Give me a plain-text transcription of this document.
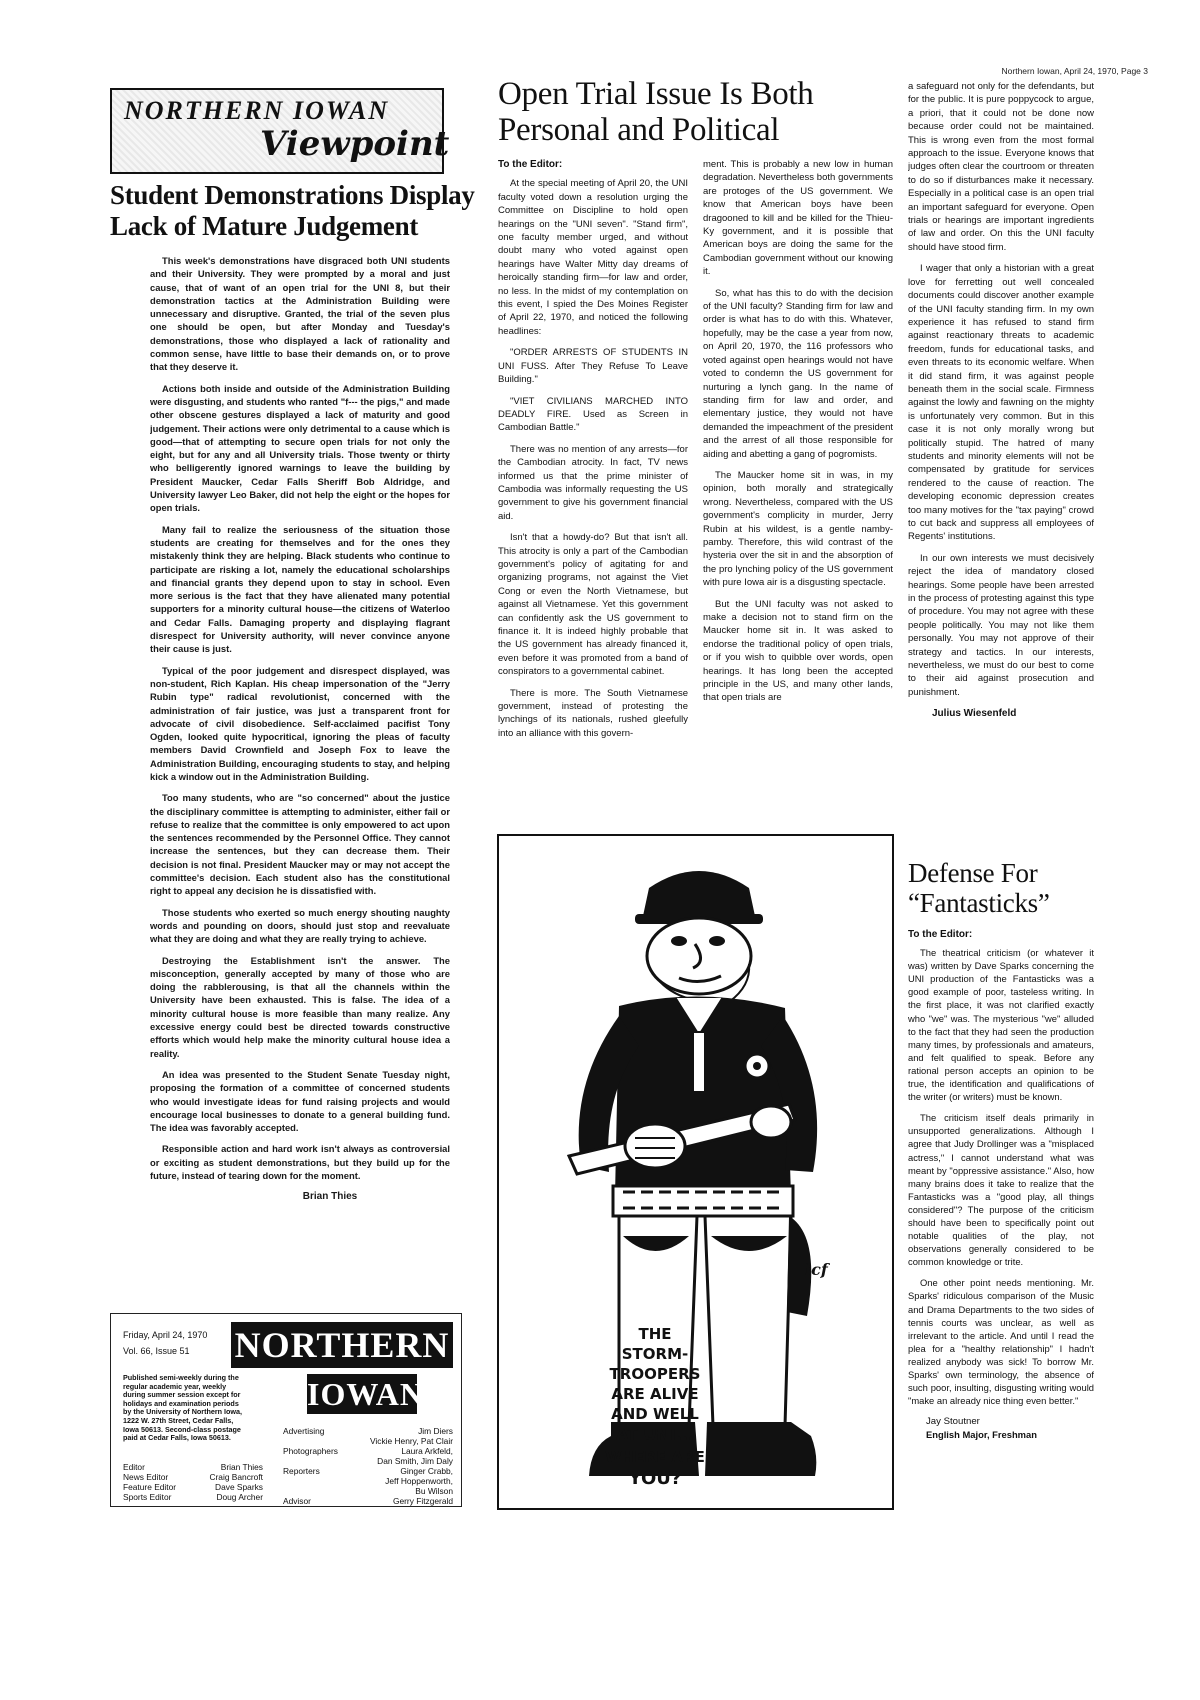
Northern Iowan, April 24, 1970, Page 3
NORTHERN IOWAN
Viewpoint
Student Demonstrations Display Lack of Mature Judgement

This week's demonstrations have disgraced both UNI students and their University. They were prompted by a moral and just cause, that of want of an open trial for the UNI 8, but their demonstration tactics at the Administration Building were unnecessary and disruptive. Granted, the trial of the seven plus one should be open, but after Monday and Tuesday's demonstrations, those who displayed a lack of rationality and common sense, have little to base their demands on, or to prove that they deserve it.

Actions both inside and outside of the Administration Building were disgusting, and students who ranted "f--- the pigs," and made other obscene gestures displayed a lack of maturity and good judgement. Their actions were only detrimental to a cause which is good—that of attempting to secure open trials for not only the eight, but for any and all University trials. Those twenty or thirty who belligerently ignored warnings to leave the building by President Maucker, Cedar Falls Sheriff Bob Aldridge, and University lawyer Leo Baker, did not help the eight or the hopes for open trials.

Many fail to realize the seriousness of the situation those students are creating for themselves and for the ones they mistakenly think they are helping. Black students who continue to participate are risking a lot, namely the educational scholarships and financial grants they depend upon to stay in school. Even more serious is the fact that they have alienated many potential supporters for a minority cultural house—the citizens of Waterloo and Cedar Falls. Damaging property and displaying flagrant disrespect for University authority, will never convince anyone their cause is just.

Typical of the poor judgement and disrespect displayed, was non-student, Rich Kaplan. His cheap impersonation of the "Jerry Rubin type" radical revolutionist, concerned with the administration of fair justice, was just a transparent front for advocate of civil disobedience. Self-acclaimed pacifist Tony Ogden, looked quite hypocritical, ignoring the pleas of faculty members David Crownfield and Joseph Fox to leave the Administration Building, encouraging students to stay, and helping kick a window out in the Administration Building.

Too many students, who are "so concerned" about the justice the disciplinary committee is attempting to administer, either fail or refuse to realize that the committee is only empowered to act upon the sentences recommended by the Personnel Office. They cannot increase the sentences, but they can decrease them. Their decision is not final. President Maucker may or may not accept the committee's decision. Each student also has the constitutional right to appeal any decision he is dissatisfied with.

Those students who exerted so much energy shouting naughty words and pounding on doors, should just stop and reevaluate what they are doing and what they are really trying to achieve.

Destroying the Establishment isn't the answer. The misconception, generally accepted by many of those who are doing the rabblerousing, is that all the channels within the University have been exhausted. This is false. The idea of a minority cultural house is more feasible than many realize. Any excessive energy could best be directed towards constructive efforts which would help make the minority cultural house idea a reality.

An idea was presented to the Student Senate Tuesday night, proposing the formation of a committee of concerned students who would investigate ideas for fund raising projects and would encourage local businesses to donate to a general building fund. The idea was favorably accepted.

Responsible action and hard work isn't always as controversial or exciting as student demonstrations, but they build up for the future, instead of tearing down for the moment.

Brian Thies
Friday, April 24, 1970
Vol. 66, Issue 51 NORTHERN
Published semi-weekly during the regular academic year, weekly during summer session except for holidays and examination periods by the University of Northern Iowa, 1222 W. 27th Street, Cedar Falls, Iowa 50613. Second-class postage paid at Cedar Falls, Iowa 50613.
IOWAN
Editor	Brian Thies
News Editor	Craig Bancroft
Feature Editor	Dave Sparks
Sports Editor	Doug Archer
Advertising	Jim Diers
Vickie Henry, Pat Clair
Photographers	Laura Arkfeld,
Dan Smith, Jim Daly
Reporters	Ginger Crabb,
Jeff Hoppenworth,
Bu Wilson
Advisor	Gerry Fitzgerald
Open Trial Issue Is Both Personal and Political
To the Editor:

At the special meeting of April 20, the UNI faculty voted down a resolution urging the Committee on Discipline to hold open hearings on the "UNI seven". "Stand firm", one faculty member urged, and without doubt many who voted against open hearings have Walter Mitty day dreams of heroically standing firm—for law and order, no less. In the midst of my contemplation on this event, I spied the Des Moines Register of April 22, 1970, and noticed the following headlines:

"ORDER ARRESTS OF STUDENTS IN UNI FUSS. After They Refuse To Leave Building."

"VIET CIVILIANS MARCHED INTO DEADLY FIRE. Used as Screen in Cambodian Battle."

There was no mention of any arrests—for the Cambodian atrocity. In fact, TV news informed us that the prime minister of Cambodia was informally requesting the US government to give his government financial aid.

Isn't that a howdy-do? But that isn't all. This atrocity is only a part of the Cambodian government's policy of agitating for and organizing programs, not against the Viet Cong or even the North Vietnamese, but against all Vietnamese. Yet this government can confidently ask the US government to finance it. It is indeed highly probable that the US government has already financed it, even before it was promoted from a band of conspirators to a governmental cabinet.

There is more. The South Vietnamese government, instead of protesting the lynchings of its nationals, rushed gleefully into an alliance with this govern-

ment. This is probably a new low in human degradation. Nevertheless both governments are protoges of the US government. We know that American boys have been dragooned to kill and be killed for the Thieu-Ky government, and it is possible that American boys are doing the same for the Cambodian government without our knowing it.

So, what has this to do with the decision of the UNI faculty? Standing firm for law and order is what has to do with this. Whatever, hopefully, may be the case a year from now, on April 20, 1970, the 116 professors who voted against open hearings would not have voted to condemn the US government for nurturing a lynch gang. In the name of standing firm for law and order, and elementary justice, they would not have demanded the impeachment of the president and the arrest of all those responsible for aiding and abetting a gang of pogromists.

The Maucker home sit in was, in my opinion, both morally and strategically wrong. Nevertheless, compared with the US government's complicity in murder, Jerry Rubin at his wildest, is a gentle namby-pamby. Therefore, this wild contrast of the hysteria over the sit in and the absorption of the pro lynching policy of the US government with pure Iowa air is a disgusting spectacle.

But the UNI faculty was not asked to make a decision not to stand firm on the Maucker home sit in. It was asked to endorse the traditional policy of open trials, or if you wish to quibble over words, open hearings. It has long been the accepted principle in the US, and many other lands, that open trials are

a safeguard not only for the defendants, but for the public. It is pure poppycock to argue, a priori, that it could not be done now because order could not be maintained. This is wrong even from the most formal approach to the issue. Everyone knows that judges often clear the courtroom or threaten to do so if disturbances make it necessary. Especially in a political case is an open trial an important safeguard for everyone. Open trials or hearings are important ingredients of law and order. On this the UNI faculty should have stood firm.

I wager that only a historian with a great love for ferretting out well concealed documents could discover another example of the UNI faculty standing firm. In my own experience it has refused to stand firm against reactionary threats to academic freedom, funds for educational tasks, and even threats to its economic welfare. When it did stand firm, it was against people beneath them in the social scale. Firmness against the lowly and fawning on the mighty is unfortunately very common. But in this case it is not only morally wrong but politically stupid. The hatred of many students and minority elements will not be compensated by gratitude for services rendered to the cause of reaction. The developing economic depression creates too many motives for the "tax paying" crowd to cut back and suppress all employees of Regents' institutions.

In our own interests we must decisively reject the idea of mandatory closed hearings. Some people have been arrested in the process of protesting against this type of procedure. You may not agree with these people politically. You may not like them personally. You may not approve of their strategy and tactics. In our interests, nevertheless, we must do our best to come to their aid against prosecution and punishment.

Julius Wiesenfeld
THE
STORM-
TROOPERS
ARE ALIVE
AND WELL
AT UNI...
WHERE ARE
YOU?
lcf
Defense For
“Fantasticks”
To the Editor:

The theatrical criticism (or whatever it was) written by Dave Sparks concerning the UNI production of the Fantasticks was a good example of poor, tasteless writing. In the first place, it was not clarified exactly who "we" was. The mysterious "we" alluded to the fact that they had seen the production many times, by professionals and amateurs, and felt qualified to speak. Before any rational person accepts an opinion to be true, the identification and qualifications of the writer (or writers) must be known.

The criticism itself deals primarily in unsupported generalizations. Although I agree that Judy Drollinger was a "misplaced actress," I cannot understand what was meant by "oppressive assistance." Also, how many brains does it take to realize that the Fantasticks was a "good play, all things considered"? The purpose of the criticism should have been to specifically point out notable qualities of the play, not observations generally considered to be common knowledge or trite.

One other point needs mentioning. Mr. Sparks' ridiculous comparison of the Music and Drama Departments to the two sides of tennis courts was unclear, as well as irrelevant to the article. And until I read the plea for a "healthy relationship" I hadn't realized anybody was sick! To borrow Mr. Sparks' own terminology, the absence of such poor, insulting, disgusting writing would "make an already nice thing even better."

Jay Stoutner
English Major, Freshman
